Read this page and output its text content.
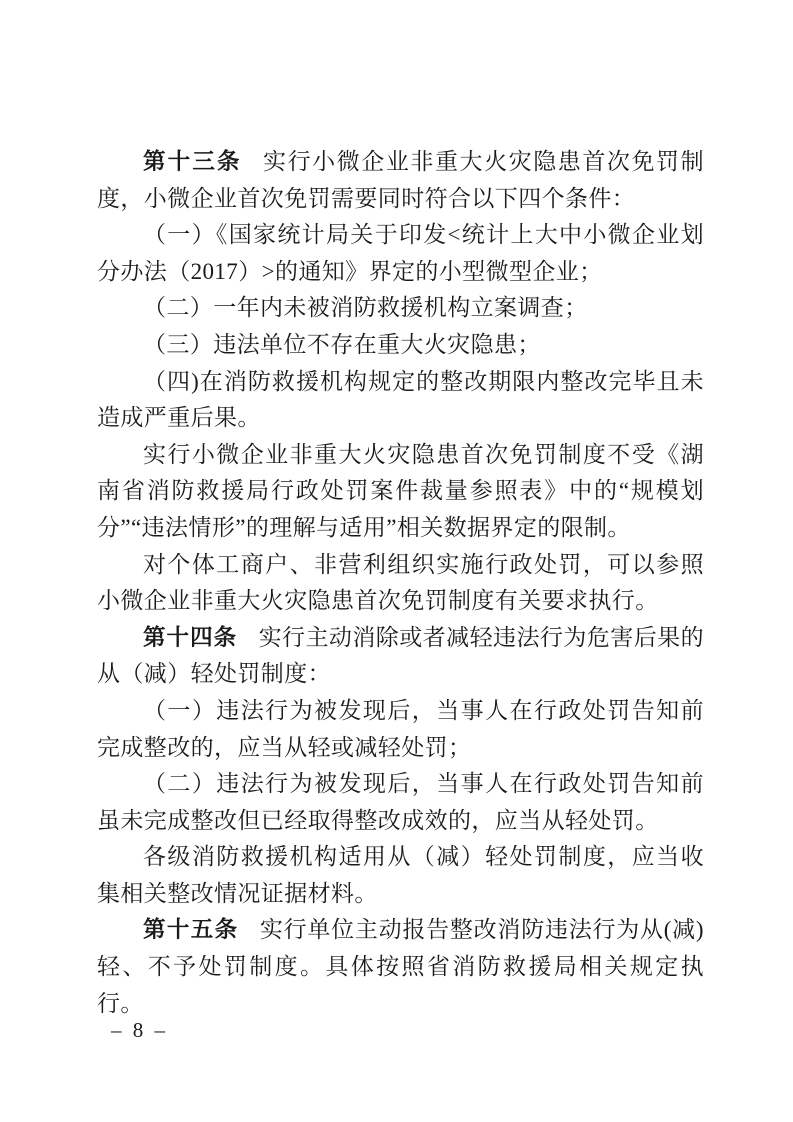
第十三条 实行小微企业非重大火灾隐患首次免罚制度，小微企业首次免罚需要同时符合以下四个条件：

（一）《国家统计局关于印发<统计上大中小微企业划分办法（2017）>的通知》界定的小型微型企业；

（二）一年内未被消防救援机构立案调查；

（三）违法单位不存在重大火灾隐患；

（四)在消防救援机构规定的整改期限内整改完毕且未造成严重后果。

实行小微企业非重大火灾隐患首次免罚制度不受《湖南省消防救援局行政处罚案件裁量参照表》中的“规模划分”“违法情形”的理解与适用”相关数据界定的限制。

对个体工商户、非营利组织实施行政处罚，可以参照小微企业非重大火灾隐患首次免罚制度有关要求执行。

第十四条 实行主动消除或者减轻违法行为危害后果的从（减）轻处罚制度：

（一）违法行为被发现后，当事人在行政处罚告知前完成整改的，应当从轻或减轻处罚；

（二）违法行为被发现后，当事人在行政处罚告知前虽未完成整改但已经取得整改成效的，应当从轻处罚。

各级消防救援机构适用从（减）轻处罚制度，应当收集相关整改情况证据材料。

第十五条 实行单位主动报告整改消防违法行为从(减)轻、不予处罚制度。具体按照省消防救援局相关规定执行。

– 8 –
